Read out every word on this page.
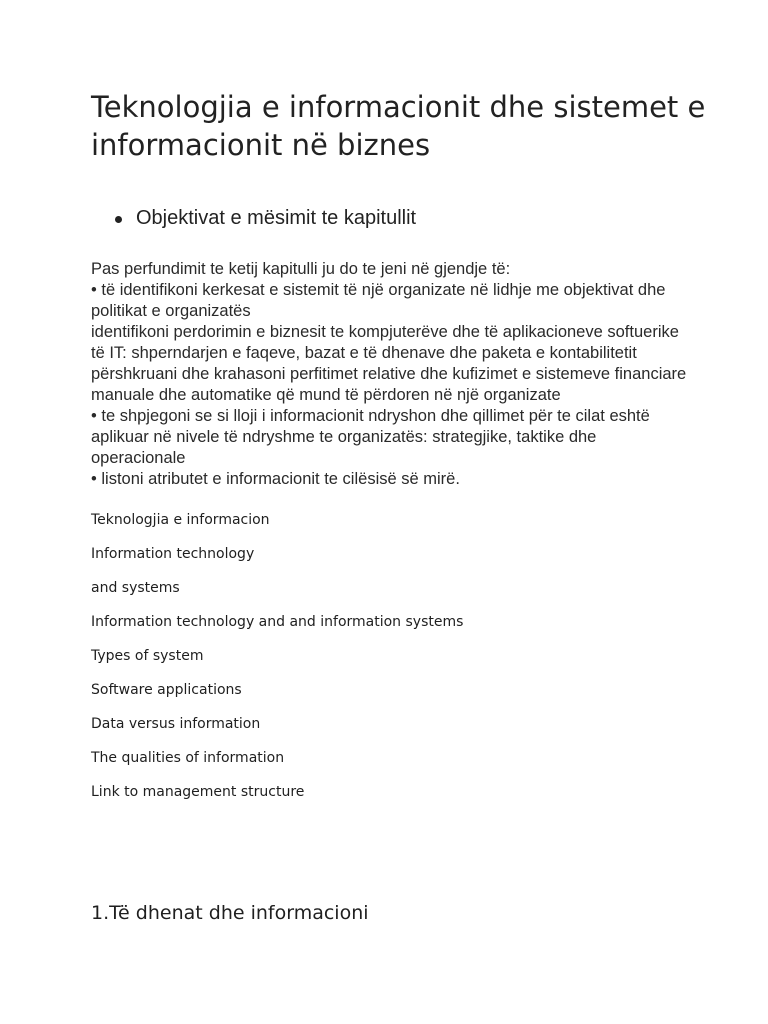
Teknologjia e informacionit dhe sistemet e informacionit në biznes
Objektivat e mësimit te kapitullit

Pas perfundimit te ketij kapitulli ju do te jeni në gjendje të:

• të identifikoni kerkesat e sistemit të një organizate në lidhje me objektivat dhe politikat e organizatës

identifikoni perdorimin e biznesit te kompjuterëve dhe të aplikacioneve softuerike të IT: shperndarjen e faqeve, bazat e të dhenave dhe paketa e kontabilitetit

përshkruani dhe krahasoni perfitimet relative dhe kufizimet e sistemeve financiare manuale dhe automatike që mund të përdoren në një organizate

• te shpjegoni se si lloji i informacionit ndryshon dhe qillimet për te cilat eshtë aplikuar në nivele të ndryshme te organizatës: strategjike, taktike dhe operacionale

• listoni atributet e informacionit te cilësisë së mirë.

Teknologjia e informacion

Information technology

and systems

Information technology and and information systems

Types of system

Software applications

Data versus information

The qualities of information

Link to management structure

1.Të dhenat dhe informacioni
